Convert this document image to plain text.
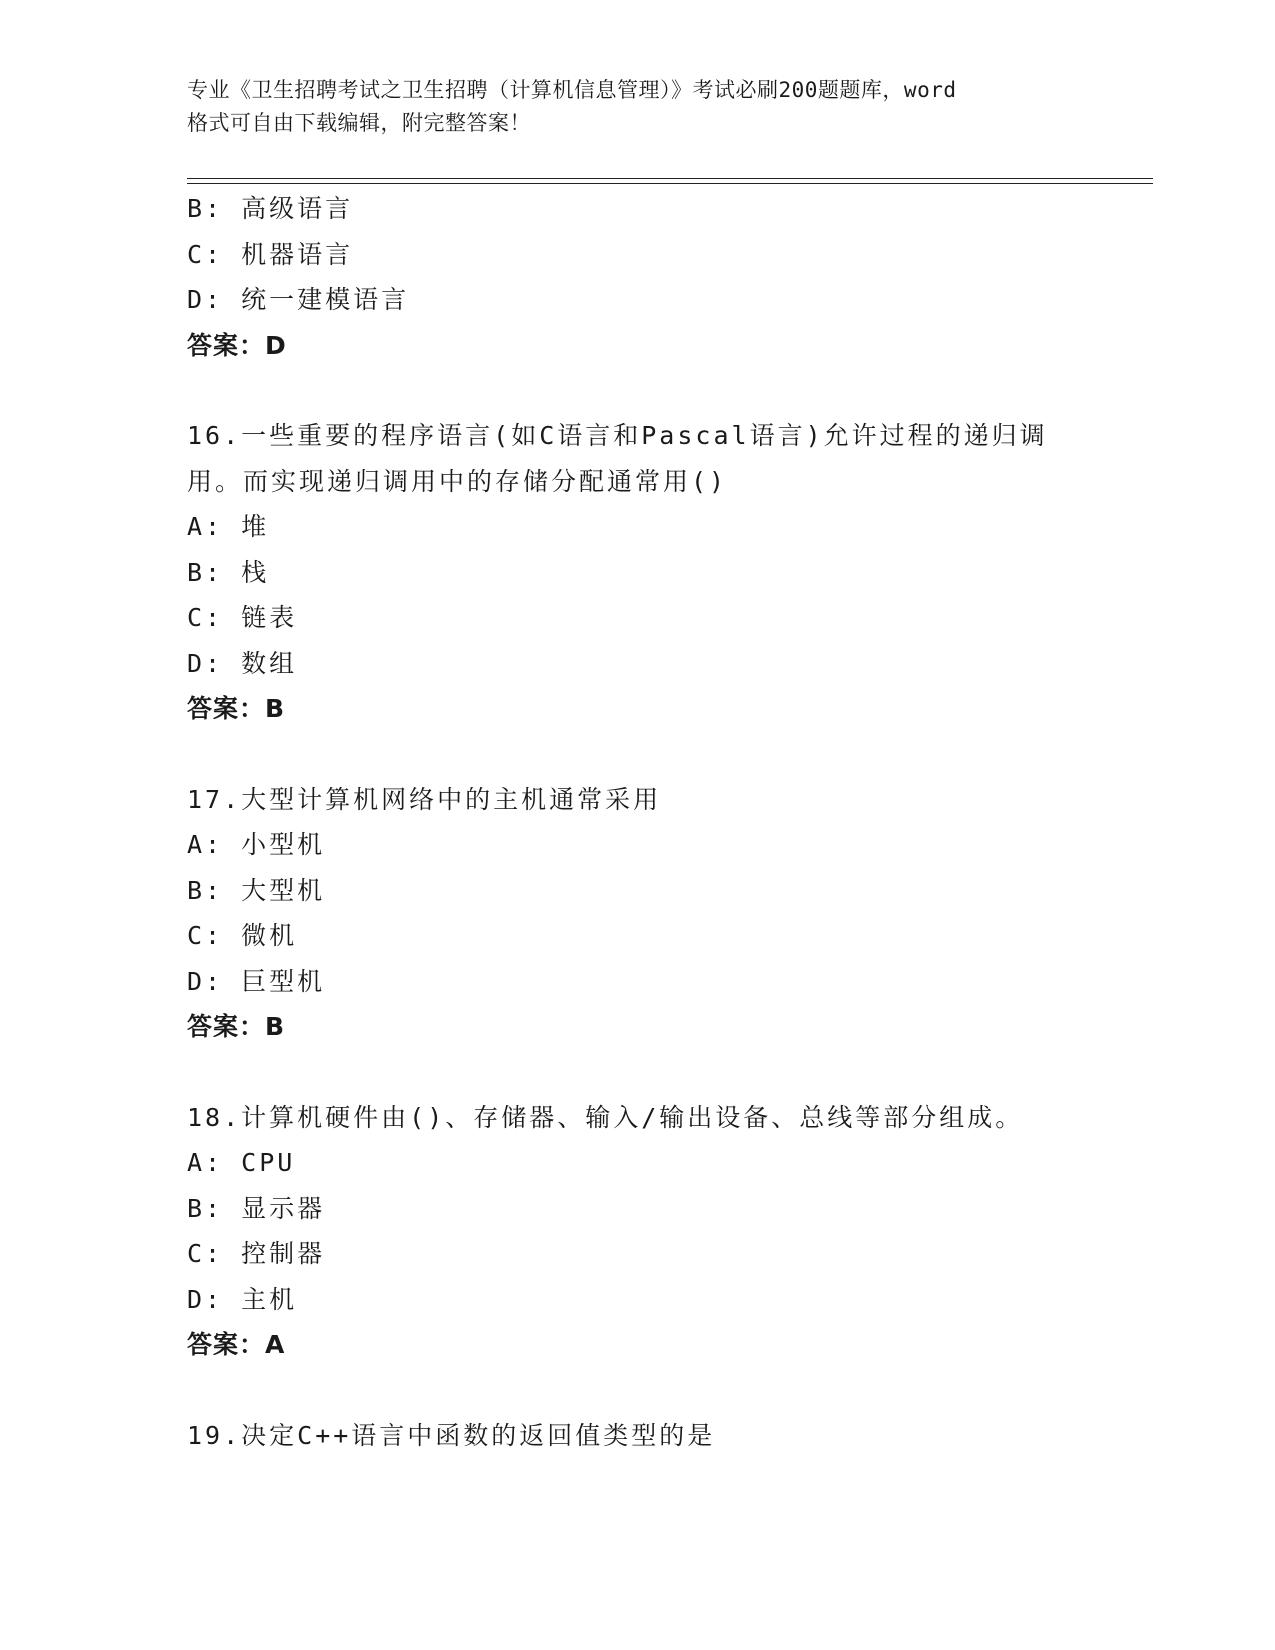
专业《卫生招聘考试之卫生招聘（计算机信息管理）》考试必刷200题题库，word
格式可自由下载编辑，附完整答案！
B: 高级语言
C: 机器语言
D: 统一建模语言
答案：D
16.一些重要的程序语言(如C语言和Pascal语言)允许过程的递归调
用。而实现递归调用中的存储分配通常用()
A: 堆
B: 栈
C: 链表
D: 数组
答案：B
17.大型计算机网络中的主机通常采用
A: 小型机
B: 大型机
C: 微机
D: 巨型机
答案：B
18.计算机硬件由()、存储器、输入/输出设备、总线等部分组成。
A: CPU
B: 显示器
C: 控制器
D: 主机
答案：A
19.决定C++语言中函数的返回值类型的是
